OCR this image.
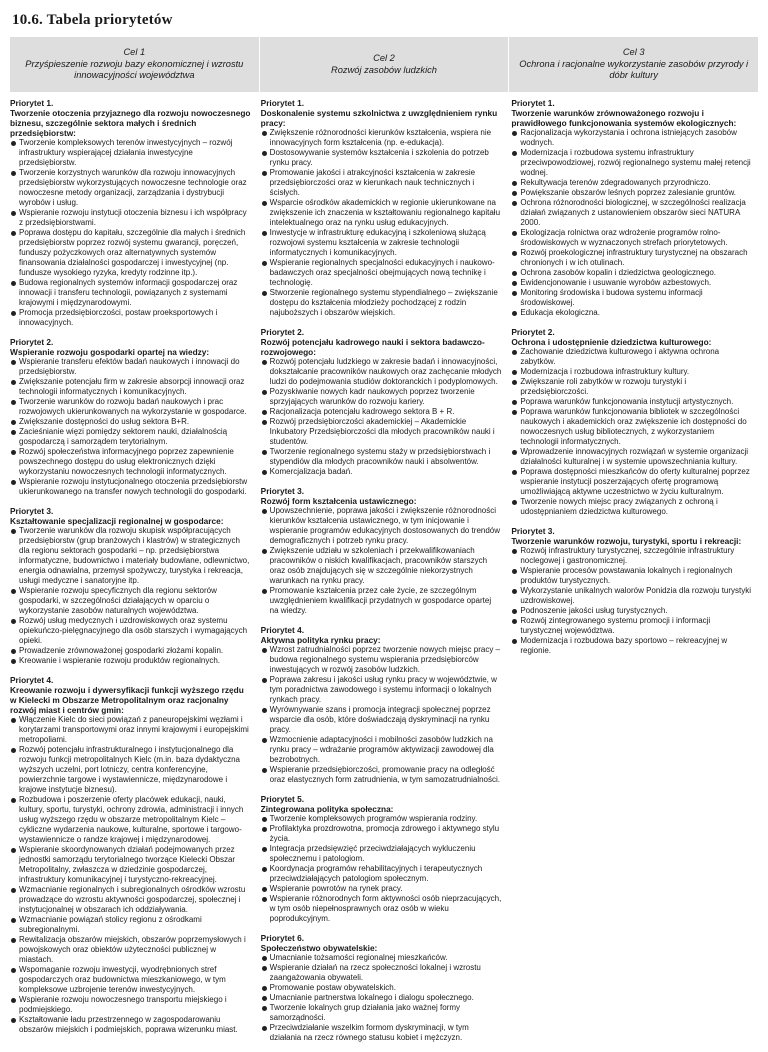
10.6. Tabela priorytetów
Cel 1
Przyśpieszenie rozwoju bazy ekonomicznej i wzrostu innowacyjności województwa
Cel 2
Rozwój zasobów ludzkich
Cel 3
Ochrona i racjonalne wykorzystanie zasobów przyrody i dóbr kultury
Priorytet 1.
Tworzenie otoczenia przyjaznego dla rozwoju nowoczesnego biznesu, szczególnie sektora małych i średnich przedsiębiorstw:
Tworzenie kompleksowych terenów inwestycyjnych – rozwój infrastruktury wspierającej działania inwestycyjne przedsiębiorstw.
Tworzenie korzystnych warunków dla rozwoju innowacyjnych przedsiębiorstw wykorzystujących nowoczesne technologie oraz nowoczesne metody organizacji, zarządzania i dystrybucji wyrobów i usług.
Wspieranie rozwoju instytucji otoczenia biznesu i ich współpracy z przedsiębiorstwami.
Poprawa dostępu do kapitału, szczególnie dla małych i średnich przedsiębiorstw poprzez rozwój systemu gwarancji, poręczeń, funduszy pożyczkowych oraz alternatywnych systemów finansowania działalności gospodarczej i inwestycyjnej (np. fundusze wysokiego ryzyka, kredyty rodzinne itp.).
Budowa regionalnych systemów informacji gospodarczej oraz innowacji i transferu technologii, powiązanych z systemami krajowymi i międzynarodowymi.
Promocja przedsiębiorczości, postaw proeksportowych i innowacyjnych.
Priorytet 2.
Wspieranie rozwoju gospodarki opartej na wiedzy:
Wspieranie transferu efektów badań naukowych i innowacji do przedsiębiorstw.
Zwiększanie potencjału firm w zakresie absorpcji innowacji oraz technologii informatycznych i komunikacyjnych.
Tworzenie warunków do rozwoju badań naukowych i prac rozwojowych ukierunkowanych na wykorzystanie w gospodarce.
Zwiększanie dostępności do usług sektora B+R.
Zacieśnianie więzi pomiędzy sektorem nauki, działalnością gospodarczą i samorządem terytorialnym.
Rozwój społeczeństwa informacyjnego poprzez zapewnienie powszechnego dostępu do usług elektronicznych dzięki wykorzystaniu nowoczesnych technologii informatycznych.
Wspieranie rozwoju instytucjonalnego otoczenia przedsiębiorstw ukierunkowanego na transfer nowych technologii do gospodarki.
Priorytet 3.
Kształtowanie specjalizacji regionalnej w gospodarce:
Tworzenie warunków dla rozwoju skupisk współpracujących przedsiębiorstw (grup branżowych i klastrów) w strategicznych dla regionu sektorach gospodarki – np. przedsiębiorstwa informatyczne, budownictwo i materiały budowlane, odlewnictwo, energia odnawialna, przemysł spożywczy, turystyka i rekreacja, usługi medyczne i sanatoryjne itp.
Wspieranie rozwoju specyficznych dla regionu sektorów gospodarki, w szczególności działających w oparciu o wykorzystanie zasobów naturalnych województwa.
Rozwój usług medycznych i uzdrowiskowych oraz systemu opiekuńczo-pielęgnacyjnego dla osób starszych i wymagających opieki.
Prowadzenie zrównoważonej gospodarki złożami kopalin.
Kreowanie i wspieranie rozwoju produktów regionalnych.
Priorytet 4.
Kreowanie rozwoju i dywersyfikacji funkcji wyższego rzędu w Kielecki m Obszarze Metropolitalnym oraz racjonalny rozwój miast i centrów gmin:
Włączenie Kielc do sieci powiązań z paneuropejskimi węzłami i korytarzami transportowymi oraz innymi krajowymi i europejskimi metropoliami.
Rozwój potencjału infrastrukturalnego i instytucjonalnego dla rozwoju funkcji metropolitalnych Kielc (m.in. baza dydaktyczna wyższych uczelni, port lotniczy, centra konferencyjne, powierzchnie targowe i wystawiennicze, międzynarodowe i krajowe instytucje biznesu).
Rozbudowa i poszerzenie oferty placówek edukacji, nauki, kultury, sportu, turystyki, ochrony zdrowia, administracji i innych usług wyższego rzędu w obszarze metropolitalnym Kielc – cykliczne wydarzenia naukowe, kulturalne, sportowe i targowo-wystawiennicze o randze krajowej i międzynarodowej.
Wspieranie skoordynowanych działań podejmowanych przez jednostki samorządu terytorialnego tworzące Kielecki Obszar Metropolitalny, zwłaszcza w dziedzinie gospodarczej, infrastruktury komunikacyjnej i turystyczno-rekreacyjnej.
Wzmacnianie regionalnych i subregionalnych ośrodków wzrostu prowadzące do wzrostu aktywności gospodarczej, społecznej i instytucjonalnej w obszarach ich oddziaływania.
Wzmacnianie powiązań stolicy regionu z ośrodkami subregionalnymi.
Rewitalizacja obszarów miejskich, obszarów poprzemysłowych i powojskowych oraz obiektów użyteczności publicznej w miastach.
Wspomaganie rozwoju inwestycji, wyodrębnionych stref gospodarczych oraz budownictwa mieszkaniowego, w tym kompleksowe uzbrojenie terenów inwestycyjnych.
Wspieranie rozwoju nowoczesnego transportu miejskiego i podmiejskiego.
Kształtowanie ładu przestrzennego w zagospodarowaniu obszarów miejskich i podmiejskich, poprawa wizerunku miast.
Priorytet 1.
Doskonalenie systemu szkolnictwa z uwzględnieniem rynku pracy:
Zwiększenie różnorodności kierunków kształcenia, wspiera nie innowacyjnych form kształcenia (np. e-edukacja).
Dostosowywanie systemów kształcenia i szkolenia do potrzeb rynku pracy.
Promowanie jakości i atrakcyjności kształcenia w zakresie przedsiębiorczości oraz w kierunkach nauk technicznych i ścisłych.
Wsparcie ośrodków akademickich w regionie ukierunkowane na zwiększenie ich znaczenia w kształtowaniu regionalnego kapitału intelektualnego oraz na rynku usług edukacyjnych.
Inwestycje w infrastrukturę edukacyjną i szkoleniową służącą rozwojowi systemu kształcenia w zakresie technologii informatycznych i komunikacyjnych.
Wspieranie regionalnych specjalności edukacyjnych i naukowo-badawczych oraz specjalności obejmujących nową technikę i technologię.
Stworzenie regionalnego systemu stypendialnego – zwiększanie dostępu do kształcenia młodzieży pochodzącej z rodzin najuboższych i obszarów wiejskich.
Priorytet 2.
Rozwój potencjału kadrowego nauki i sektora badawczo-rozwojowego:
Rozwój potencjału ludzkiego w zakresie badań i innowacyjności, dokształcanie pracowników naukowych oraz zachęcanie młodych ludzi do podejmowania studiów doktoranckich i podyplomowych.
Pozyskiwanie nowych kadr naukowych poprzez tworzenie sprzyjających warunków do rozwoju kariery.
Racjonalizacja potencjału kadrowego sektora B + R.
Rozwój przedsiębiorczości akademickiej – Akademickie Inkubatory Przedsiębiorczości dla młodych pracowników nauki i studentów.
Tworzenie regionalnego systemu staży w przedsiębiorstwach i stypendiów dla młodych pracowników nauki i absolwentów.
Komercjalizacja badań.
Priorytet 3.
Rozwój form kształcenia ustawicznego:
Upowszechnienie, poprawa jakości i zwiększenie różnorodności kierunków kształcenia ustawicznego, w tym inicjowanie i wspieranie programów edukacyjnych dostosowanych do trendów demograficznych i potrzeb rynku pracy.
Zwiększenie udziału w szkoleniach i przekwalifikowaniach pracowników o niskich kwalifikacjach, pracowników starszych oraz osób znajdujących się w szczególnie niekorzystnych warunkach na rynku pracy.
Promowanie kształcenia przez całe życie, ze szczególnym uwzględnieniem kwalifikacji przydatnych w gospodarce opartej na wiedzy.
Priorytet 4.
Aktywna polityka rynku pracy:
Wzrost zatrudnialności poprzez tworzenie nowych miejsc pracy – budowa regionalnego systemu wspierania przedsiębiorców inwestujących w rozwój zasobów ludzkich.
Poprawa zakresu i jakości usług rynku pracy w województwie, w tym poradnictwa zawodowego i systemu informacji o lokalnych rynkach pracy.
Wyrównywanie szans i promocja integracji społecznej poprzez wsparcie dla osób, które doświadczają dyskryminacji na rynku pracy.
Wzmocnienie adaptacyjności i mobilności zasobów ludzkich na rynku pracy – wdrażanie programów aktywizacji zawodowej dla bezrobotnych.
Wspieranie przedsiębiorczości, promowanie pracy na odległość oraz elastycznych form zatrudnienia, w tym samozatrudnialności.
Priorytet 5.
Zintegrowana polityka społeczna:
Tworzenie kompleksowych programów wspierania rodziny.
Profilaktyka prozdrowotna, promocja zdrowego i aktywnego stylu życia.
Integracja przedsięwzięć przeciwdziałających wykluczeniu społecznemu i patologiom.
Koordynacja programów rehabilitacyjnych i terapeutycznych przeciwdziałających patologiom społecznym.
Wspieranie powrotów na rynek pracy.
Wspieranie różnorodnych form aktywności osób nieprzacujących, w tym osób niepełnosprawnych oraz osób w wieku poprodukcyjnym.
Priorytet 6.
Społeczeństwo obywatelskie:
Umacnianie tożsamości regionalnej mieszkańców.
Wspieranie działań na rzecz społeczności lokalnej i wzrostu zaangażowania obywateli.
Promowanie postaw obywatelskich.
Umacnianie partnerstwa lokalnego i dialogu społecznego.
Tworzenie lokalnych grup działania jako ważnej formy samorządności.
Przeciwdziałanie wszelkim formom dyskryminacji, w tym działania na rzecz równego statusu kobiet i mężczyzn.
Priorytet 1.
Tworzenie warunków zrównoważonego rozwoju i prawidłowego funkcjonowania systemów ekologicznych:
Racjonalizacja wykorzystania i ochrona istniejących zasobów wodnych.
Modernizacja i rozbudowa systemu infrastruktury przeciwpowodziowej, rozwój regionalnego systemu małej retencji wodnej.
Rekultywacja terenów zdegradowanych przyrodniczo.
Powiększanie obszarów leśnych poprzez zalesianie gruntów.
Ochrona różnorodności biologicznej, w szczególności realizacja działań związanych z ustanowieniem obszarów sieci NATURA 2000.
Ekologizacja rolnictwa oraz wdrożenie programów rolno-środowiskowych w wyznaczonych strefach priorytetowych.
Rozwój proekologicznej infrastruktury turystycznej na obszarach chronionych i w ich otulinach.
Ochrona zasobów kopalin i dziedzictwa geologicznego.
Ewidencjonowanie i usuwanie wyrobów azbestowych.
Monitoring środowiska i budowa systemu informacji środowiskowej.
Edukacja ekologiczna.
Priorytet 2.
Ochrona i udostępnienie dziedzictwa kulturowego:
Zachowanie dziedzictwa kulturowego i aktywna ochrona zabytków.
Modernizacja i rozbudowa infrastruktury kultury.
Zwiększanie roli zabytków w rozwoju turystyki i przedsiębiorczości.
Poprawa warunków funkcjonowania instytucji artystycznych.
Poprawa warunków funkcjonowania bibliotek w szczególności naukowych i akademickich oraz zwiększenie ich dostępności do nowoczesnych usług bibliotecznych, z wykorzystaniem technologii informatycznych.
Wprowadzenie innowacyjnych rozwiązań w systemie organizacji działalności kulturalnej i w systemie upowszechniania kultury.
Poprawa dostępności mieszkańców do oferty kulturalnej poprzez wspieranie instytucji poszerzających ofertę programową umożliwiającą aktywne uczestnictwo w życiu kulturalnym.
Tworzenie nowych miejsc pracy związanych z ochroną i udostępnianiem dziedzictwa kulturowego.
Priorytet 3.
Tworzenie warunków rozwoju, turystyki, sportu i rekreacji:
Rozwój infrastruktury turystycznej, szczególnie infrastruktury noclegowej i gastronomicznej.
Wspieranie procesów powstawania lokalnych i regionalnych produktów turystycznych.
Wykorzystanie unikalnych walorów Ponidzia dla rozwoju turystyki uzdrowiskowej.
Podnoszenie jakości usług turystycznych.
Rozwój zintegrowanego systemu promocji i informacji turystycznej województwa.
Modernizacja i rozbudowa bazy sportowo – rekreacyjnej w regionie.
